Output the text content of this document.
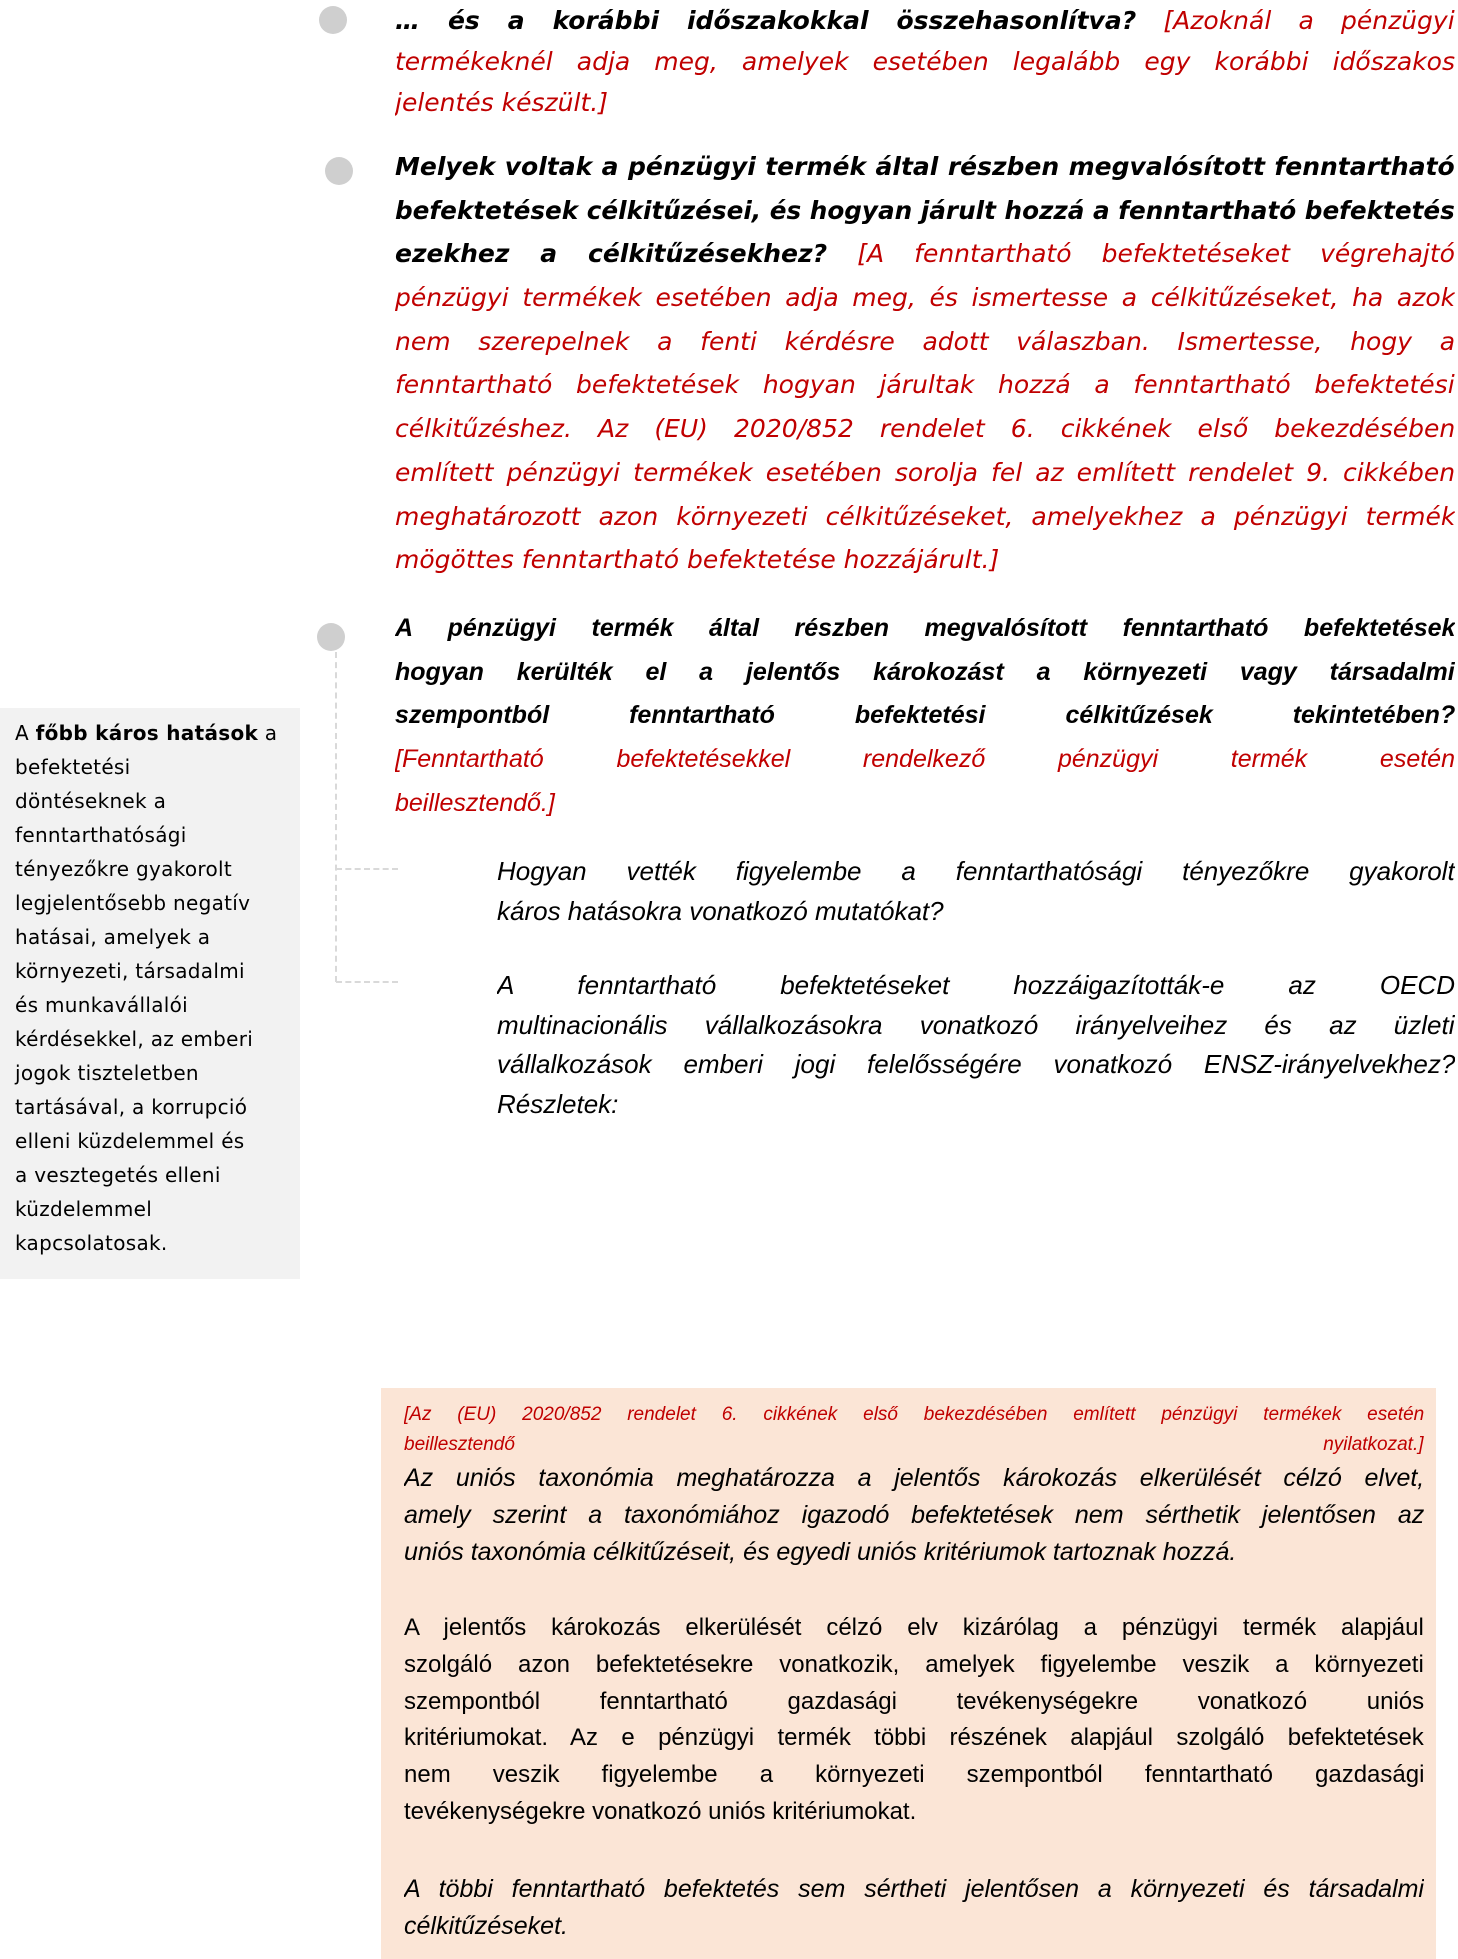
… és a korábbi időszakokkal összehasonlítva? [Azoknál a pénzügyi
termékeknél adja meg, amelyek esetében legalább egy korábbi időszakos
jelentés készült.]
Melyek voltak a pénzügyi termék által részben megvalósított fenntartható
befektetések célkitűzései, és hogyan járult hozzá a fenntartható befektetés
ezekhez a célkitűzésekhez? [A fenntartható befektetéseket végrehajtó
pénzügyi termékek esetében adja meg, és ismertesse a célkitűzéseket, ha azok
nem szerepelnek a fenti kérdésre adott válaszban. Ismertesse, hogy a
fenntartható befektetések hogyan járultak hozzá a fenntartható befektetési
célkitűzéshez. Az (EU) 2020/852 rendelet 6. cikkének első bekezdésében
említett pénzügyi termékek esetében sorolja fel az említett rendelet 9. cikkében
meghatározott azon környezeti célkitűzéseket, amelyekhez a pénzügyi termék
mögöttes fenntartható befektetése hozzájárult.]
A pénzügyi termék által részben megvalósított fenntartható befektetések
hogyan kerülték el a jelentős károkozást a környezeti vagy társadalmi
szempontból fenntartható befektetési célkitűzések tekintetében?
[Fenntartható befektetésekkel rendelkező pénzügyi termék esetén
beillesztendő.]
Hogyan vették figyelembe a fenntarthatósági tényezőkre gyakorolt
káros hatásokra vonatkozó mutatókat?
A fenntartható befektetéseket hozzáigazították-e az OECD
multinacionális vállalkozásokra vonatkozó irányelveihez és az üzleti
vállalkozások emberi jogi felelősségére vonatkozó ENSZ-irányelvekhez?
Részletek:
A főbb káros hatások a
befektetési
döntéseknek a
fenntarthatósági
tényezőkre gyakorolt
legjelentősebb negatív
hatásai, amelyek a
környezeti, társadalmi
és munkavállalói
kérdésekkel, az emberi
jogok tiszteletben
tartásával, a korrupció
elleni küzdelemmel és
a vesztegetés elleni
küzdelemmel
kapcsolatosak.
[Az (EU) 2020/852 rendelet 6. cikkének első bekezdésében említett pénzügyi termékek esetén
beillesztendő nyilatkozat.]
Az uniós taxonómia meghatározza a jelentős károkozás elkerülését célzó elvet,
amely szerint a taxonómiához igazodó befektetések nem sérthetik jelentősen az
uniós taxonómia célkitűzéseit, és egyedi uniós kritériumok tartoznak hozzá.
A jelentős károkozás elkerülését célzó elv kizárólag a pénzügyi termék alapjául
szolgáló azon befektetésekre vonatkozik, amelyek figyelembe veszik a környezeti
szempontból fenntartható gazdasági tevékenységekre vonatkozó uniós
kritériumokat. Az e pénzügyi termék többi részének alapjául szolgáló befektetések
nem veszik figyelembe a környezeti szempontból fenntartható gazdasági
tevékenységekre vonatkozó uniós kritériumokat.
A többi fenntartható befektetés sem sértheti jelentősen a környezeti és társadalmi
célkitűzéseket.
